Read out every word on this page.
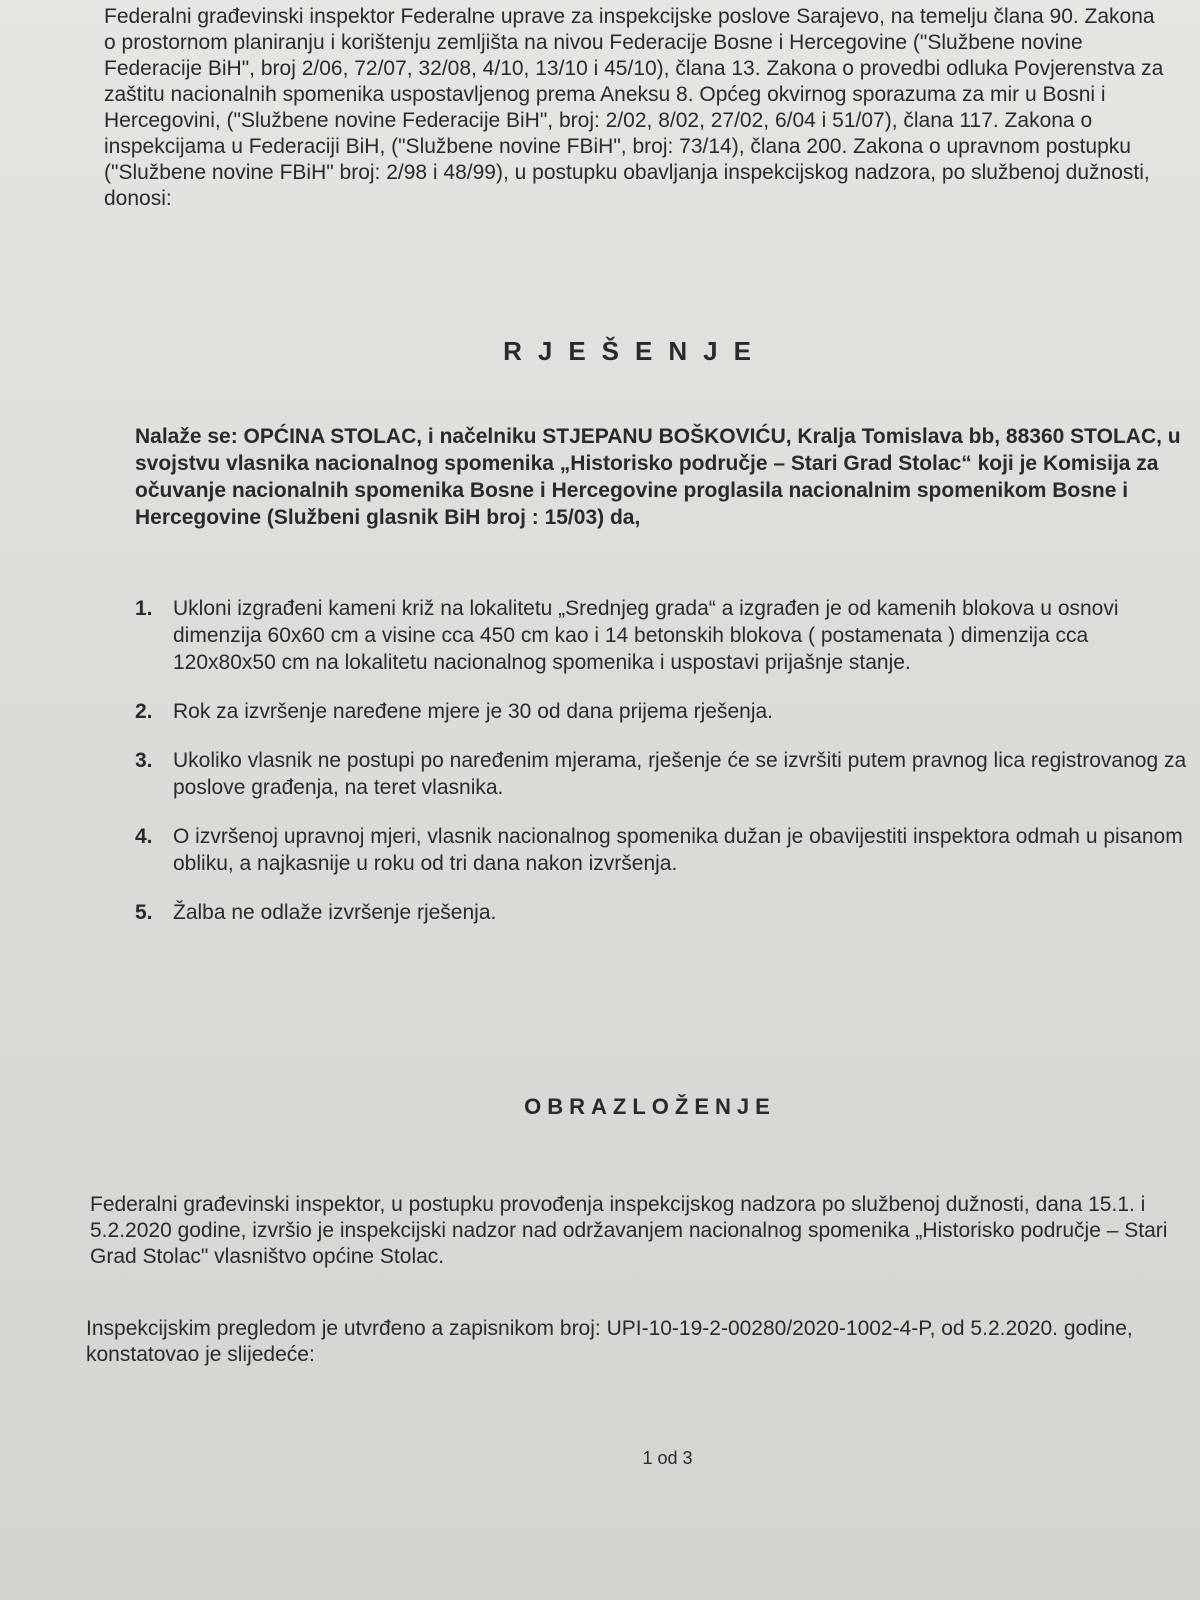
Federalni građevinski inspektor Federalne uprave za inspekcijske poslove Sarajevo, na temelju člana 90. Zakona o prostornom planiranju i korištenju zemljišta na nivou Federacije Bosne i Hercegovine ("Službene novine Federacije BiH", broj 2/06, 72/07, 32/08, 4/10, 13/10 i 45/10), člana 13. Zakona o provedbi odluka Povjerenstva za zaštitu nacionalnih spomenika uspostavljenog prema Aneksu 8. Općeg okvirnog sporazuma za mir u Bosni i Hercegovini, ("Službene novine Federacije BiH", broj: 2/02, 8/02, 27/02, 6/04 i 51/07), člana 117. Zakona o inspekcijama u Federaciji BiH, ("Službene novine FBiH", broj: 73/14), člana 200. Zakona o upravnom postupku ("Službene novine FBiH" broj: 2/98 i 48/99), u postupku obavljanja inspekcijskog nadzora, po službenoj dužnosti, donosi:

RJEŠENJE

Nalaže se: OPĆINA STOLAC, i načelniku STJEPANU BOŠKOVIĆU, Kralja Tomislava bb, 88360 STOLAC, u svojstvu vlasnika nacionalnog spomenika „Historisko područje – Stari Grad Stolac“ koji je Komisija za očuvanje nacionalnih spomenika Bosne i Hercegovine proglasila nacionalnim spomenikom Bosne i Hercegovine (Službeni glasnik BiH broj : 15/03) da,

1. Ukloni izgrađeni kameni križ na lokalitetu „Srednjeg grada“ a izgrađen je od kamenih blokova u osnovi dimenzija 60x60 cm a visine cca 450 cm kao i 14 betonskih blokova ( postamenata ) dimenzija cca 120x80x50 cm na lokalitetu nacionalnog spomenika i uspostavi prijašnje stanje.
2. Rok za izvršenje naređene mjere je 30 od dana prijema rješenja.
3. Ukoliko vlasnik ne postupi po naređenim mjerama, rješenje će se izvršiti putem pravnog lica registrovanog za poslove građenja, na teret vlasnika.
4. O izvršenoj upravnoj mjeri, vlasnik nacionalnog spomenika dužan je obavijestiti inspektora odmah u pisanom obliku, a najkasnije u roku od tri dana nakon izvršenja.
5. Žalba ne odlaže izvršenje rješenja.
OBRAZLOŽENJE

Federalni građevinski inspektor, u postupku provođenja inspekcijskog nadzora po službenoj dužnosti, dana 15.1. i 5.2.2020 godine, izvršio je inspekcijski nadzor nad održavanjem nacionalnog spomenika „Historisko područje – Stari Grad Stolac" vlasništvo općine Stolac.

Inspekcijskim pregledom je utvrđeno a zapisnikom broj: UPI-10-19-2-00280/2020-1002-4-P, od 5.2.2020. godine, konstatovao je slijedeće:

1 od 3
